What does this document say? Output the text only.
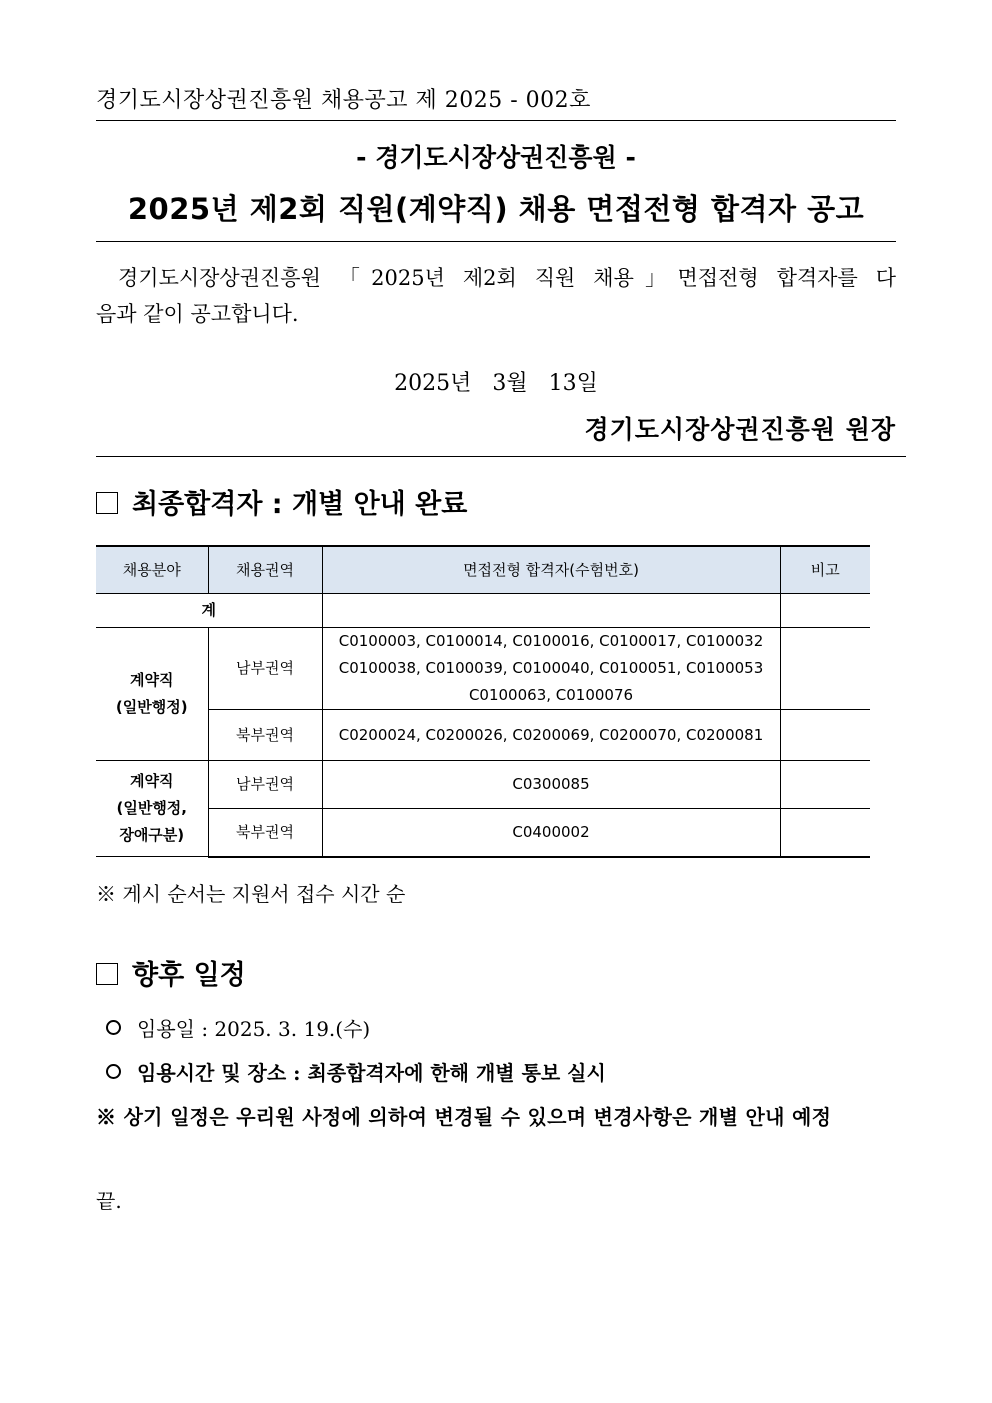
경기도시장상권진흥원 채용공고 제 2025 - 002호
- 경기도시장상권진흥원 -
2025년 제2회 직원(계약직) 채용 면접전형 합격자 공고
경기도시장상권진흥원 「2025년 제2회 직원 채용」면접전형 합격자를 다
음과 같이 공고합니다.
2025년   3월   13일
경기도시장상권진흥원 원장
최종합격자 : 개별 안내 완료
채용분야	채용권역	면접전형 합격자(수험번호)	비고
계			
계약직
(일반행정)	남부권역	C0100003, C0100014, C0100016, C0100017, C0100032
C0100038, C0100039, C0100040, C0100051, C0100053
C0100063, C0100076	
	북부권역	C0200024, C0200026, C0200069, C0200070, C0200081	
계약직
(일반행정,
장애구분)	남부권역	C0300085	
	북부권역	C0400002	
※ 게시 순서는 지원서 접수 시간 순
향후 일정
임용일 : 2025. 3. 19.(수)
임용시간 및 장소 : 최종합격자에 한해 개별 통보 실시
※ 상기 일정은 우리원 사정에 의하여 변경될 수 있으며 변경사항은 개별 안내 예정
끝.
